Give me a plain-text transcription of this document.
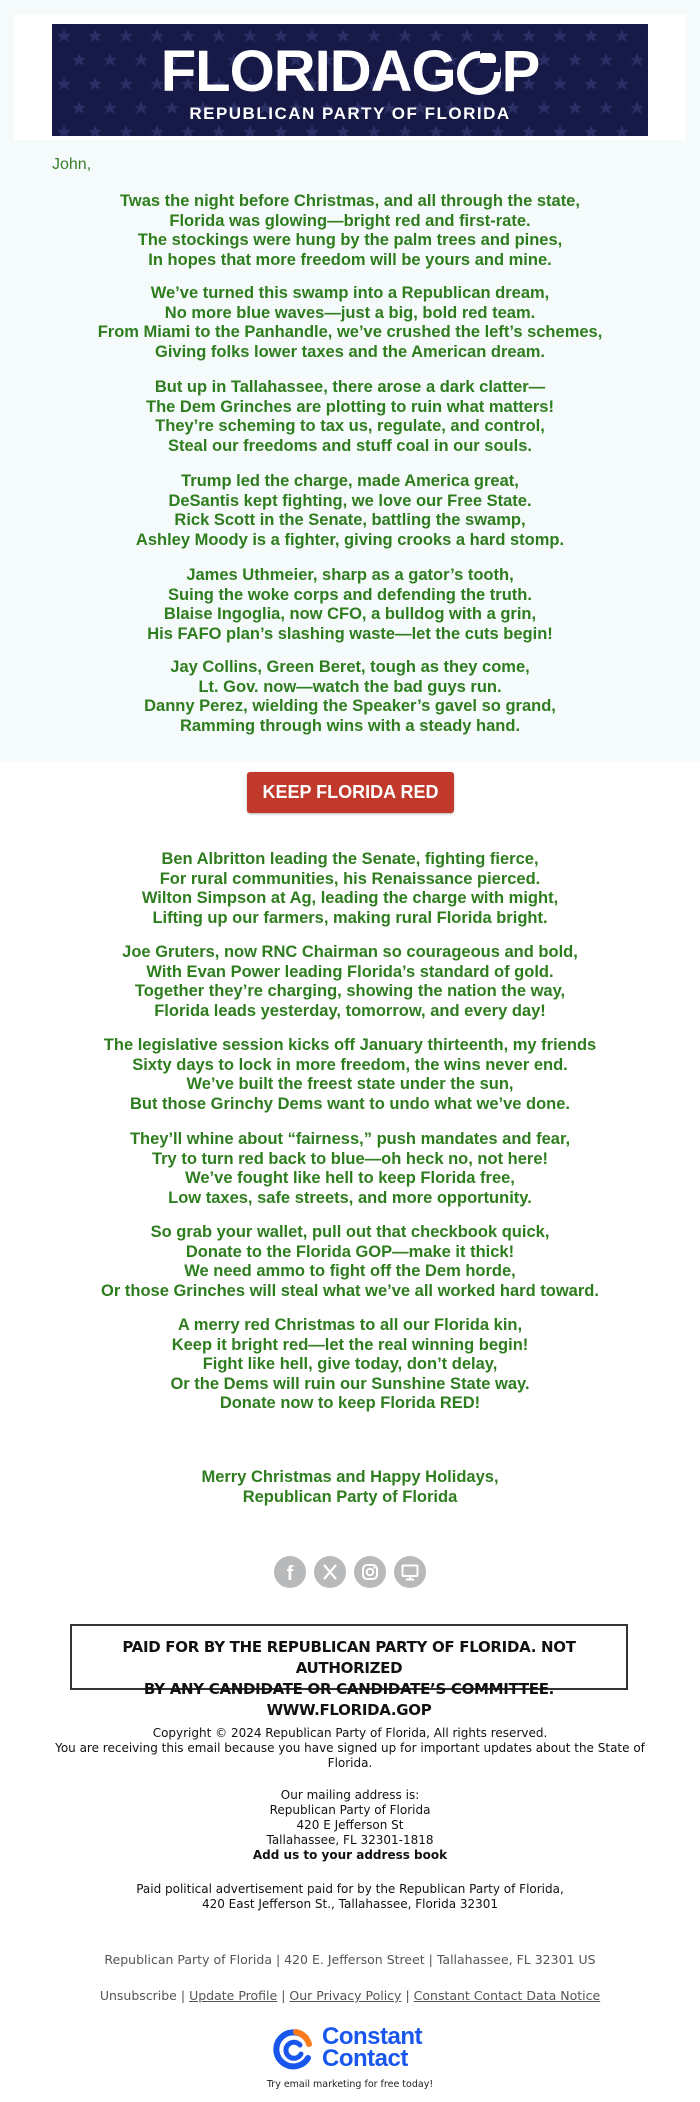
FLORIDAG P
REPUBLICAN PARTY OF FLORIDA
John,
Twas the night before Christmas, and all through the state,
Florida was glowing—bright red and first-rate.
The stockings were hung by the palm trees and pines,
In hopes that more freedom will be yours and mine.
We’ve turned this swamp into a Republican dream,
No more blue waves—just a big, bold red team.
From Miami to the Panhandle, we’ve crushed the left’s schemes,
Giving folks lower taxes and the American dream.
But up in Tallahassee, there arose a dark clatter—
The Dem Grinches are plotting to ruin what matters!
They’re scheming to tax us, regulate, and control,
Steal our freedoms and stuff coal in our souls.
Trump led the charge, made America great,
DeSantis kept fighting, we love our Free State.
Rick Scott in the Senate, battling the swamp,
Ashley Moody is a fighter, giving crooks a hard stomp.
James Uthmeier, sharp as a gator’s tooth,
Suing the woke corps and defending the truth.
Blaise Ingoglia, now CFO, a bulldog with a grin,
His FAFO plan’s slashing waste—let the cuts begin!
Jay Collins, Green Beret, tough as they come,
Lt. Gov. now—watch the bad guys run.
Danny Perez, wielding the Speaker’s gavel so grand,
Ramming through wins with a steady hand.
KEEP FLORIDA RED
Ben Albritton leading the Senate, fighting fierce,
For rural communities, his Renaissance pierced.
Wilton Simpson at Ag, leading the charge with might,
Lifting up our farmers, making rural Florida bright.
Joe Gruters, now RNC Chairman so courageous and bold,
With Evan Power leading Florida’s standard of gold.
Together they’re charging, showing the nation the way,
Florida leads yesterday, tomorrow, and every day!
The legislative session kicks off January thirteenth, my friends
Sixty days to lock in more freedom, the wins never end.
We’ve built the freest state under the sun,
But those Grinchy Dems want to undo what we’ve done.
They’ll whine about “fairness,” push mandates and fear,
Try to turn red back to blue—oh heck no, not here!
We’ve fought like hell to keep Florida free,
Low taxes, safe streets, and more opportunity.
So grab your wallet, pull out that checkbook quick,
Donate to the Florida GOP—make it thick!
We need ammo to fight off the Dem horde,
Or those Grinches will steal what we’ve all worked hard toward.
A merry red Christmas to all our Florida kin,
Keep it bright red—let the real winning begin!
Fight like hell, give today, don’t delay,
Or the Dems will ruin our Sunshine State way.
Donate now to keep Florida RED!
Merry Christmas and Happy Holidays,
Republican Party of Florida
f
PAID FOR BY THE REPUBLICAN PARTY OF FLORIDA. NOT AUTHORIZED
BY ANY CANDIDATE OR CANDIDATE’S COMMITTEE. WWW.FLORIDA.GOP
Copyright © 2024 Republican Party of Florida, All rights reserved.
You are receiving this email because you have signed up for important updates about the State of
Florida.
Our mailing address is:
Republican Party of Florida
420 E Jefferson St
Tallahassee, FL 32301-1818
Add us to your address book
Paid political advertisement paid for by the Republican Party of Florida,
420 East Jefferson St., Tallahassee, Florida 32301
Republican Party of Florida | 420 E. Jefferson Street | Tallahassee, FL 32301 US
Unsubscribe | Update Profile | Our Privacy Policy | Constant Contact Data Notice
Constant
Contact
Try email marketing for free today!
